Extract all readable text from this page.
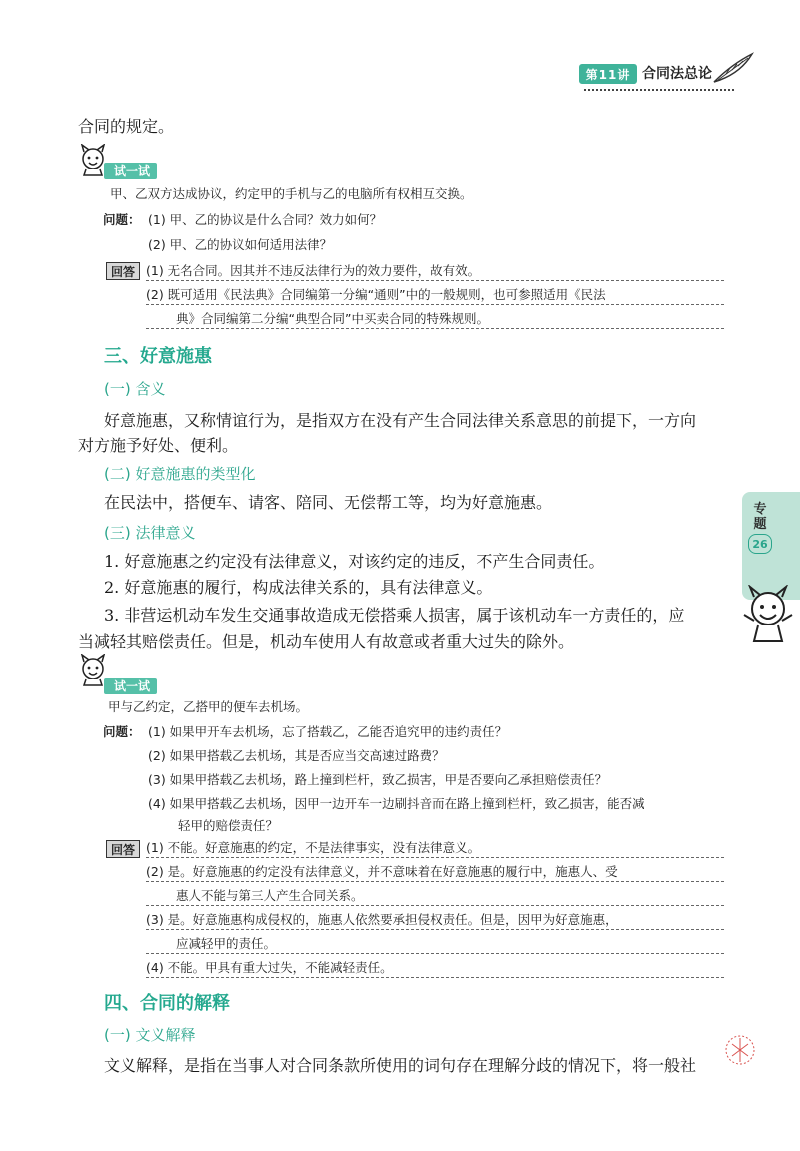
第11讲 合同法总论
专题
26
合同的规定。
试一试
甲、乙双方达成协议，约定甲的手机与乙的电脑所有权相互交换。
问题： (1) 甲、乙的协议是什么合同？效力如何？
(2) 甲、乙的协议如何适用法律？
回答 (1) 无名合同。因其并不违反法律行为的效力要件，故有效。
(2) 既可适用《民法典》合同编第一分编“通则”中的一般规则，也可参照适用《民法
典》合同编第二分编“典型合同”中买卖合同的特殊规则。
三、好意施惠
(一) 含义
好意施惠，又称情谊行为，是指双方在没有产生合同法律关系意思的前提下，一方向
对方施予好处、便利。
(二) 好意施惠的类型化
在民法中，搭便车、请客、陪同、无偿帮工等，均为好意施惠。
(三) 法律意义
1. 好意施惠之约定没有法律意义，对该约定的违反，不产生合同责任。
2. 好意施惠的履行，构成法律关系的，具有法律意义。
3. 非营运机动车发生交通事故造成无偿搭乘人损害，属于该机动车一方责任的，应
当减轻其赔偿责任。但是，机动车使用人有故意或者重大过失的除外。
试一试
甲与乙约定，乙搭甲的便车去机场。
问题： (1) 如果甲开车去机场，忘了搭载乙，乙能否追究甲的违约责任？
(2) 如果甲搭载乙去机场，其是否应当交高速过路费？
(3) 如果甲搭载乙去机场，路上撞到栏杆，致乙损害，甲是否要向乙承担赔偿责任？
(4) 如果甲搭载乙去机场，因甲一边开车一边刷抖音而在路上撞到栏杆，致乙损害，能否减
轻甲的赔偿责任？
回答 (1) 不能。好意施惠的约定，不是法律事实，没有法律意义。
(2) 是。好意施惠的约定没有法律意义，并不意味着在好意施惠的履行中，施惠人、受
惠人不能与第三人产生合同关系。
(3) 是。好意施惠构成侵权的，施惠人依然要承担侵权责任。但是，因甲为好意施惠，
应减轻甲的责任。
(4) 不能。甲具有重大过失，不能减轻责任。
四、合同的解释
(一) 文义解释
文义解释，是指在当事人对合同条款所使用的词句存在理解分歧的情况下，将一般社
